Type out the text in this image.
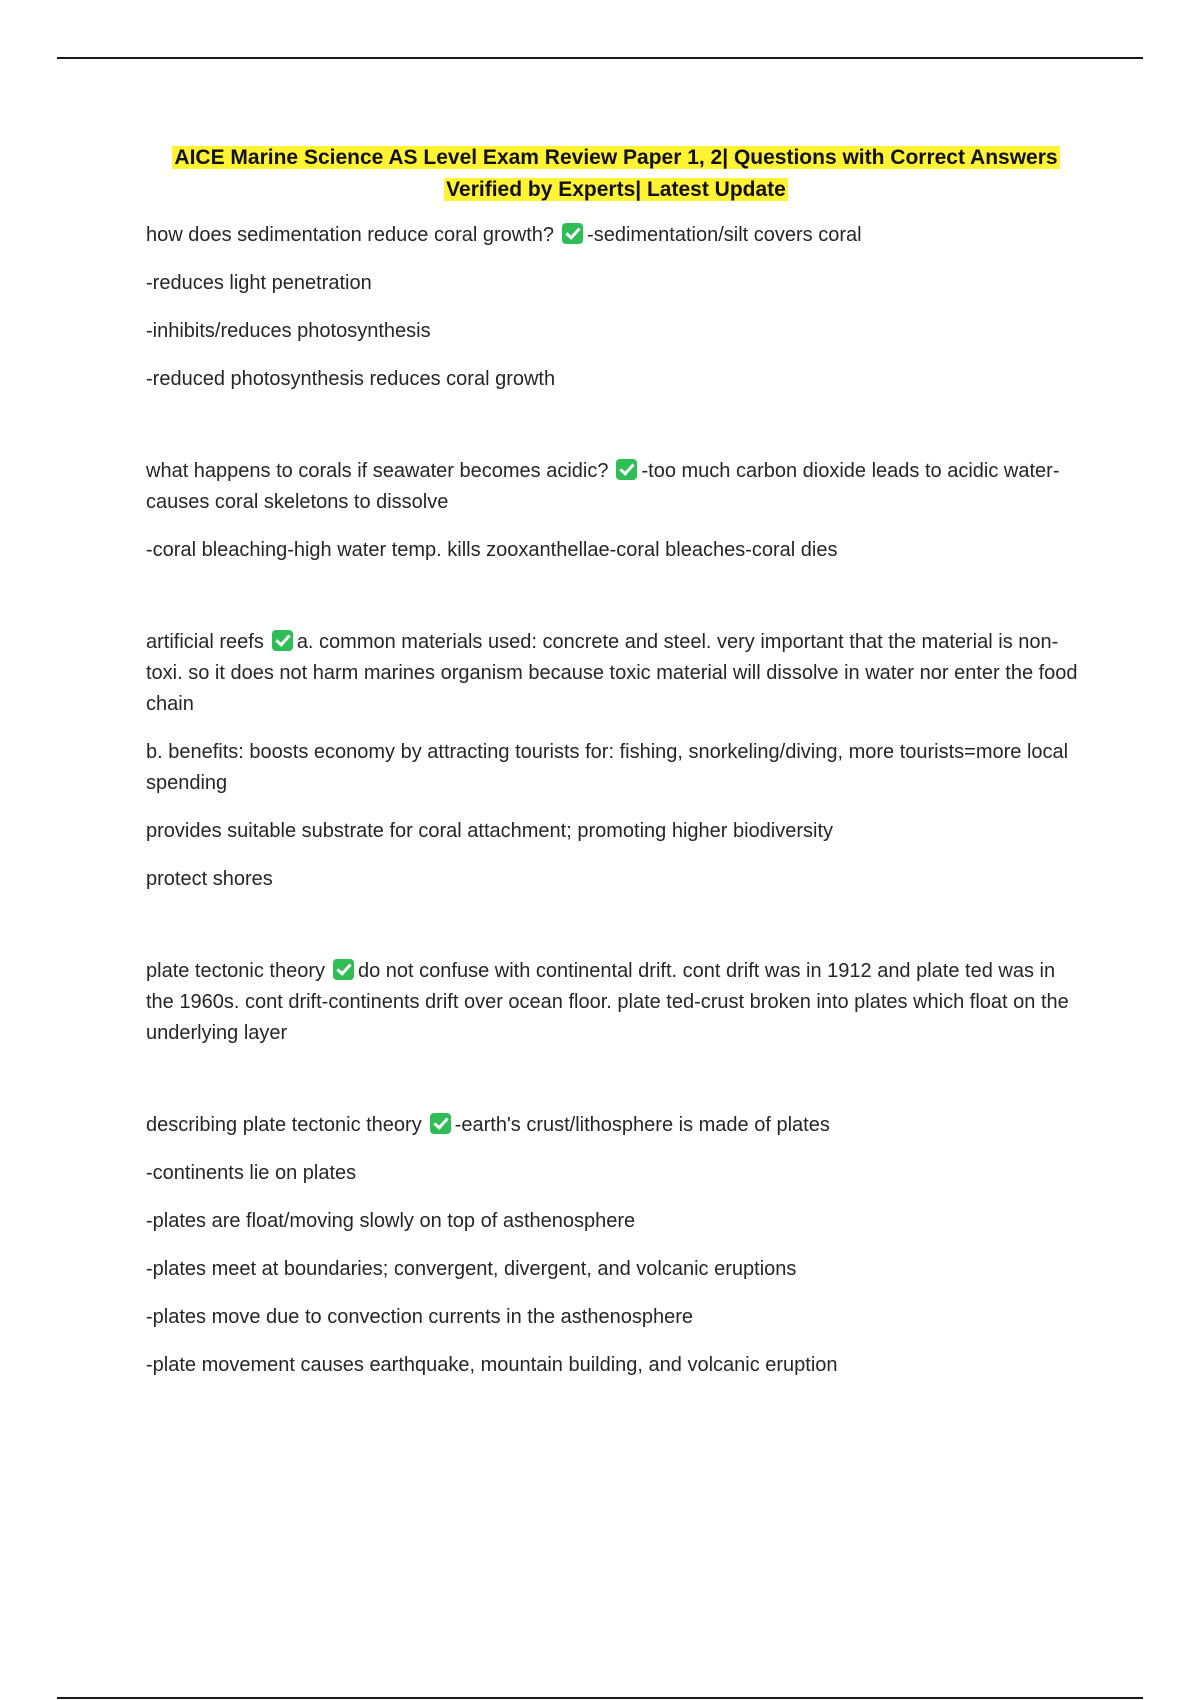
AICE Marine Science AS Level Exam Review Paper 1, 2| Questions with Correct Answers
Verified by Experts| Latest Update
how does sedimentation reduce coral growth? -sedimentation/silt covers coral
-reduces light penetration
-inhibits/reduces photosynthesis
-reduced photosynthesis reduces coral growth
what happens to corals if seawater becomes acidic? -too much carbon dioxide leads to acidic water-causes coral skeletons to dissolve
-coral bleaching-high water temp. kills zooxanthellae-coral bleaches-coral dies
artificial reefs a. common materials used: concrete and steel. very important that the material is non-toxi. so it does not harm marines organism because toxic material will dissolve in water nor enter the food chain
b. benefits: boosts economy by attracting tourists for: fishing, snorkeling/diving, more tourists=more local spending
provides suitable substrate for coral attachment; promoting higher biodiversity
protect shores
plate tectonic theory do not confuse with continental drift. cont drift was in 1912 and plate ted was in the 1960s. cont drift-continents drift over ocean floor. plate ted-crust broken into plates which float on the underlying layer
describing plate tectonic theory -earth's crust/lithosphere is made of plates
-continents lie on plates
-plates are float/moving slowly on top of asthenosphere
-plates meet at boundaries; convergent, divergent, and volcanic eruptions
-plates move due to convection currents in the asthenosphere
-plate movement causes earthquake, mountain building, and volcanic eruption
